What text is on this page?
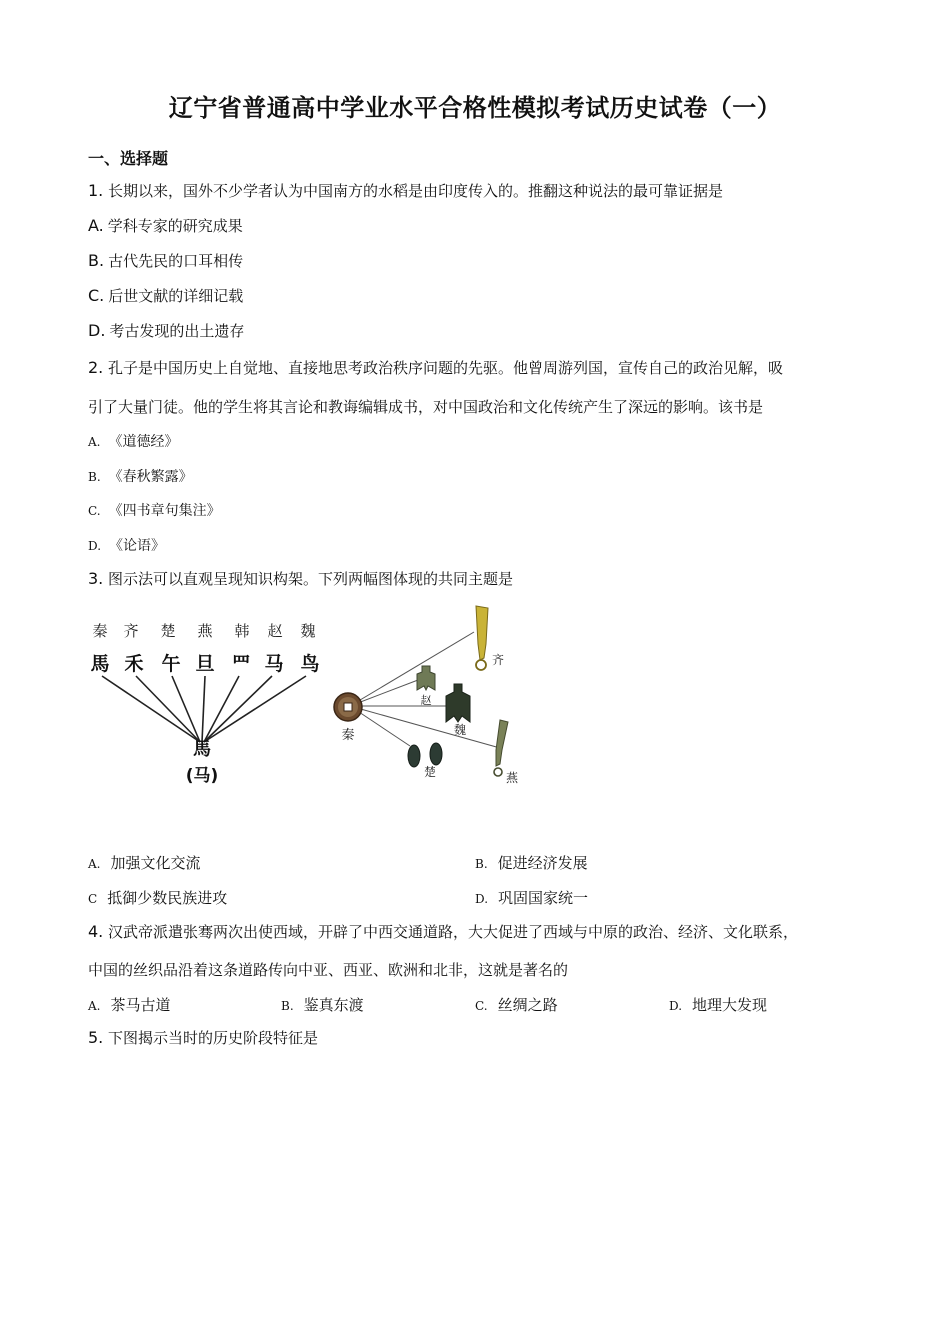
辽宁省普通高中学业水平合格性模拟考试历史试卷（一）
一、选择题
1. 长期以来，国外不少学者认为中国南方的水稻是由印度传入的。推翻这种说法的最可靠证据是
A. 学科专家的研究成果
B. 古代先民的口耳相传
C. 后世文献的详细记载
D. 考古发现的出土遗存
2. 孔子是中国历史上自觉地、直接地思考政治秩序问题的先驱。他曾周游列国，宣传自己的政治见解，吸
引了大量门徒。他的学生将其言论和教诲编辑成书，对中国政治和文化传统产生了深远的影响。该书是
A. 《道德经》
B. 《春秋繁露》
C. 《四书章句集注》
D. 《论语》
3. 图示法可以直观呈现知识构架。下列两幅图体现的共同主题是
秦 齐 楚 燕 韩 赵 魏
馬 禾 午 旦 罒 马 鸟
馬
(马)
秦
齐
赵
魏
楚	燕
A. 加强文化交流	B. 促进经济发展
C 抵御少数民族进攻	D. 巩固国家统一
4. 汉武帝派遣张骞两次出使西域，开辟了中西交通道路，大大促进了西域与中原的政治、经济、文化联系，
中国的丝织品沿着这条道路传向中亚、西亚、欧洲和北非，这就是著名的
A. 茶马古道	B. 鉴真东渡	C. 丝绸之路	D. 地理大发现
5. 下图揭示当时的历史阶段特征是
